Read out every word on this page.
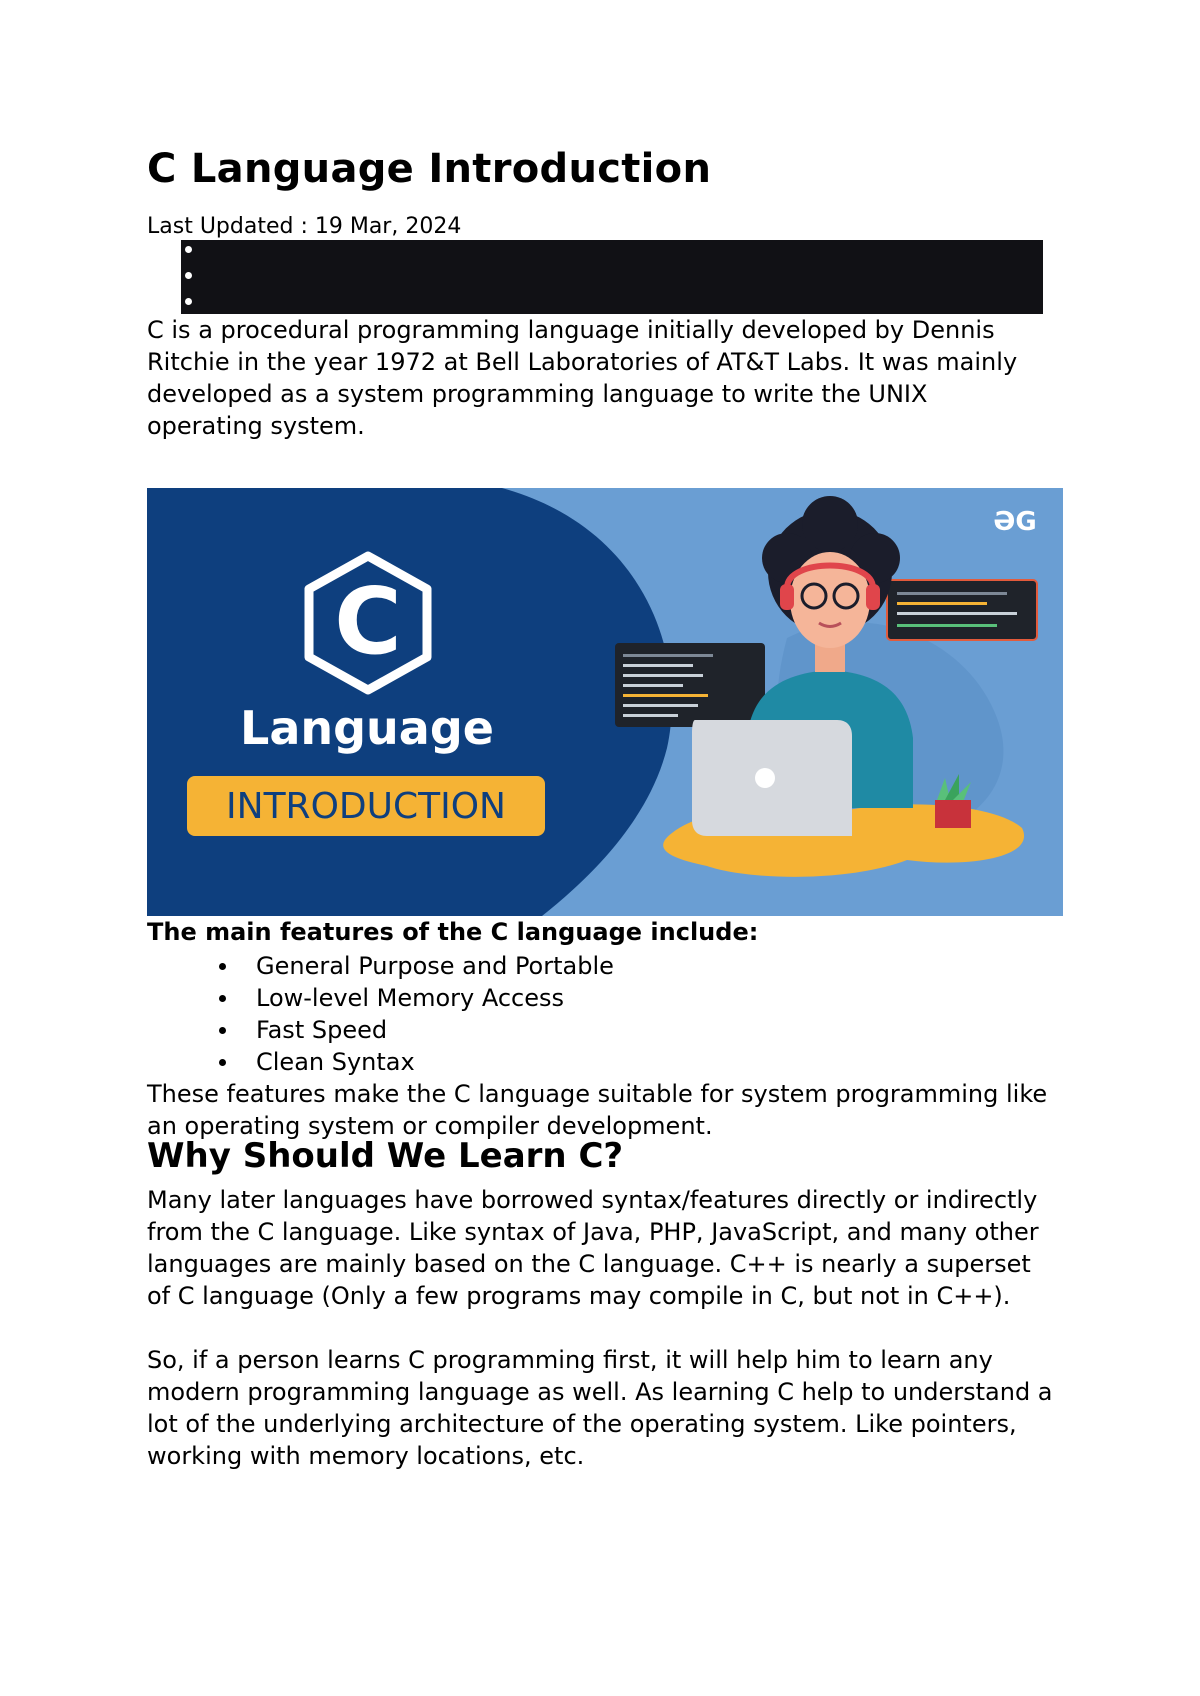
C Language Introduction
Last Updated : 19 Mar, 2024

C is a procedural programming language initially developed by Dennis Ritchie in the year 1972 at Bell Laboratories of AT&T Labs. It was mainly developed as a system programming language to write the UNIX operating system.

C
Language
INTRODUCTION
ƏG

The main features of the C language include:

General Purpose and Portable
Low-level Memory Access
Fast Speed
Clean Syntax

These features make the C language suitable for system programming like an operating system or compiler development.

Why Should We Learn C?

Many later languages have borrowed syntax/features directly or indirectly from the C language. Like syntax of Java, PHP, JavaScript, and many other languages are mainly based on the C language. C++ is nearly a superset of C language (Only a few programs may compile in C, but not in C++).

So, if a person learns C programming first, it will help him to learn any modern programming language as well. As learning C help to understand a lot of the underlying architecture of the operating system. Like pointers, working with memory locations, etc.
